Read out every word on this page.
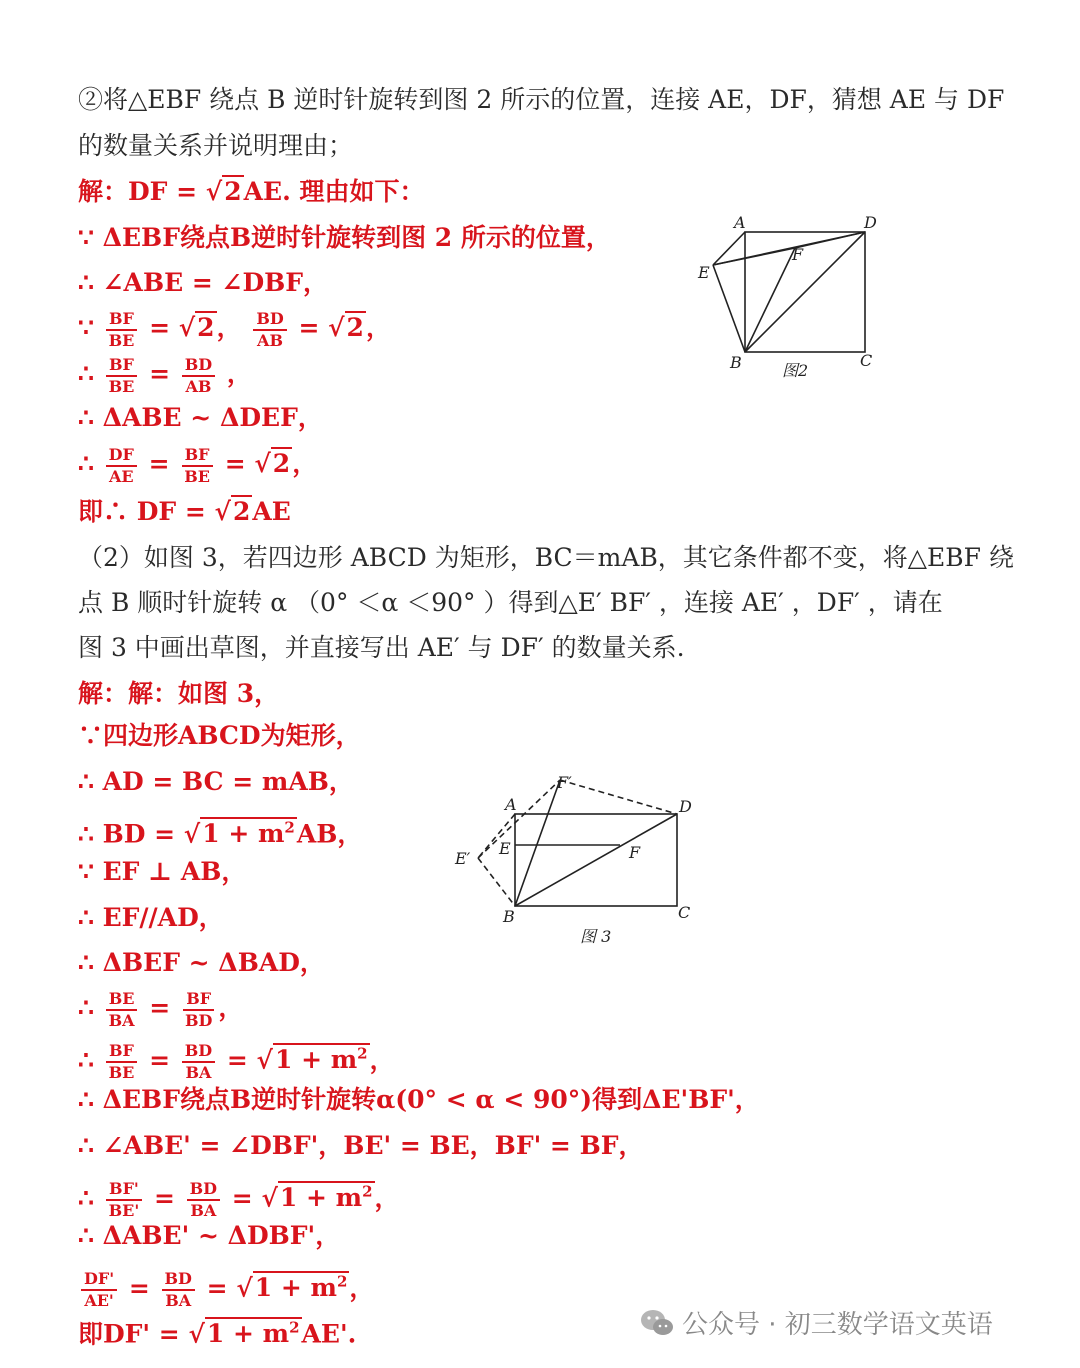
②将△EBF 绕点 B 逆时针旋转到图 2 所示的位置，连接 AE，DF，猜想 AE 与 DF
的数量关系并说明理由；
解：DF = √2AE. 理由如下：
∵ ΔEBF绕点B逆时针旋转到图 2 所示的位置，
∴ ∠ABE = ∠DBF，
∵ $\frac{BF}{BE} = √2$， $\frac{BD}{AB} = √2$，
∴ $\frac{BF}{BE} = \frac{BD}{AB}$ ，
∴ ΔABE ~ ΔDEF，
∴ $\frac{DF}{AE} = \frac{BF}{BE} = √2$，
即∴ DF = √2AE
（2）如图 3，若四边形 ABCD 为矩形，BC＝mAB，其它条件都不变，将△EBF 绕
点 B 顺时针旋转 α （0° ＜α ＜90° ）得到△E′ BF′ ，连接 AE′ ，DF′ ，请在
图 3 中画出草图，并直接写出 AE′ 与 DF′ 的数量关系.
解：解：如图 3，
∵四边形ABCD为矩形，
∴ AD = BC = mAB，
∴ BD = $√1 + m^2AB$，
∵ EF ⊥ AB，
∴ EF//AD，
∴ ΔBEF ~ ΔBAD，
∴ $\frac{BE}{BA} = \frac{BF}{BD}$ ，
∴ $\frac{BF}{BE} = \frac{BD}{BA} = √1 + m^2$，
∴ ΔEBF绕点B逆时针旋转α(0° < α < 90°)得到ΔE'BF'，
∴ ∠ABE' = ∠DBF'，BE' = BE，BF' = BF，
∴ $\frac{BF'}{BE'} = \frac{BD}{BA} = √1 + m^2$，
∴ ΔABE' ~ ΔDBF'，
$\frac{DF'}{AE'} = \frac{BD}{BA} = √1 + m^2$，
即$DF' = √1 + m^2AE'$.
A	D
E
F
B	C
图2
F′
A	D
E
E′	F
B	C
图 3
公众号 · 初三数学语文英语
